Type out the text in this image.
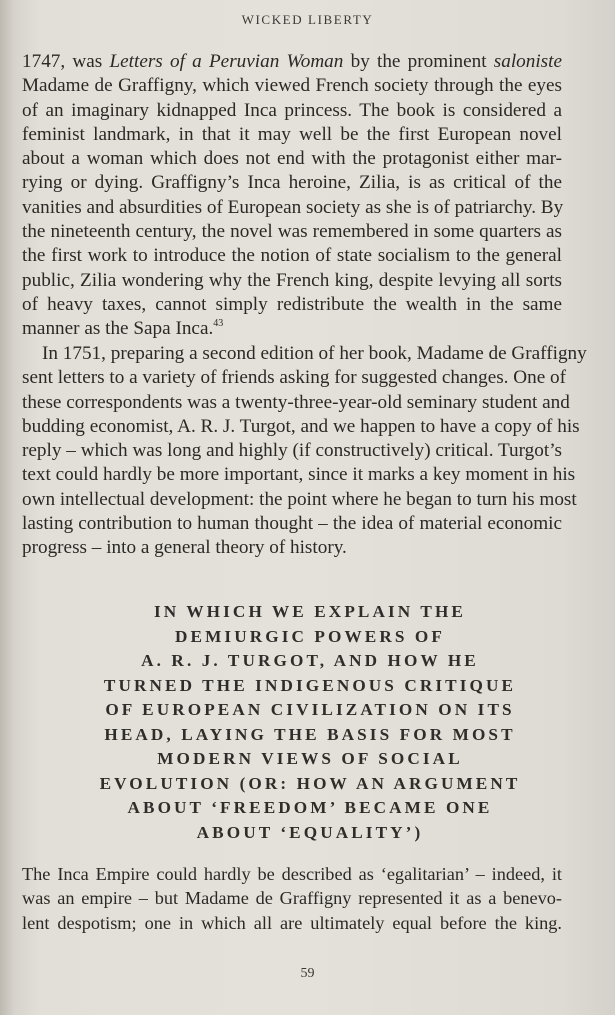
WICKED LIBERTY
1747, was Letters of a Peruvian Woman by the prominent saloniste
Madame de Graffigny, which viewed French society through the eyes
of an imaginary kidnapped Inca princess. The book is considered a
feminist landmark, in that it may well be the first European novel
about a woman which does not end with the protagonist either mar-
rying or dying. Graffigny’s Inca heroine, Zilia, is as critical of the
vanities and absurdities of European society as she is of patriarchy. By
the nineteenth century, the novel was remembered in some quarters as
the first work to introduce the notion of state socialism to the general
public, Zilia wondering why the French king, despite levying all sorts
of heavy taxes, cannot simply redistribute the wealth in the same
manner as the Sapa Inca.$^{43}$
In 1751, preparing a second edition of her book, Madame de Graffigny
sent letters to a variety of friends asking for suggested changes. One of
these correspondents was a twenty-three-year-old seminary student and
budding economist, A. R. J. Turgot, and we happen to have a copy of his
reply – which was long and highly (if constructively) critical. Turgot’s
text could hardly be more important, since it marks a key moment in his
own intellectual development: the point where he began to turn his most
lasting contribution to human thought – the idea of material economic
progress – into a general theory of history.
IN WHICH WE EXPLAIN THE
DEMIURGIC POWERS OF
A. R. J. TURGOT, AND HOW HE
TURNED THE INDIGENOUS CRITIQUE
OF EUROPEAN CIVILIZATION ON ITS
HEAD, LAYING THE BASIS FOR MOST
MODERN VIEWS OF SOCIAL
EVOLUTION (OR: HOW AN ARGUMENT
ABOUT ‘FREEDOM’ BECAME ONE
ABOUT ‘EQUALITY’)
The Inca Empire could hardly be described as ‘egalitarian’ – indeed, it
was an empire – but Madame de Graffigny represented it as a benevo-
lent despotism; one in which all are ultimately equal before the king.
59
